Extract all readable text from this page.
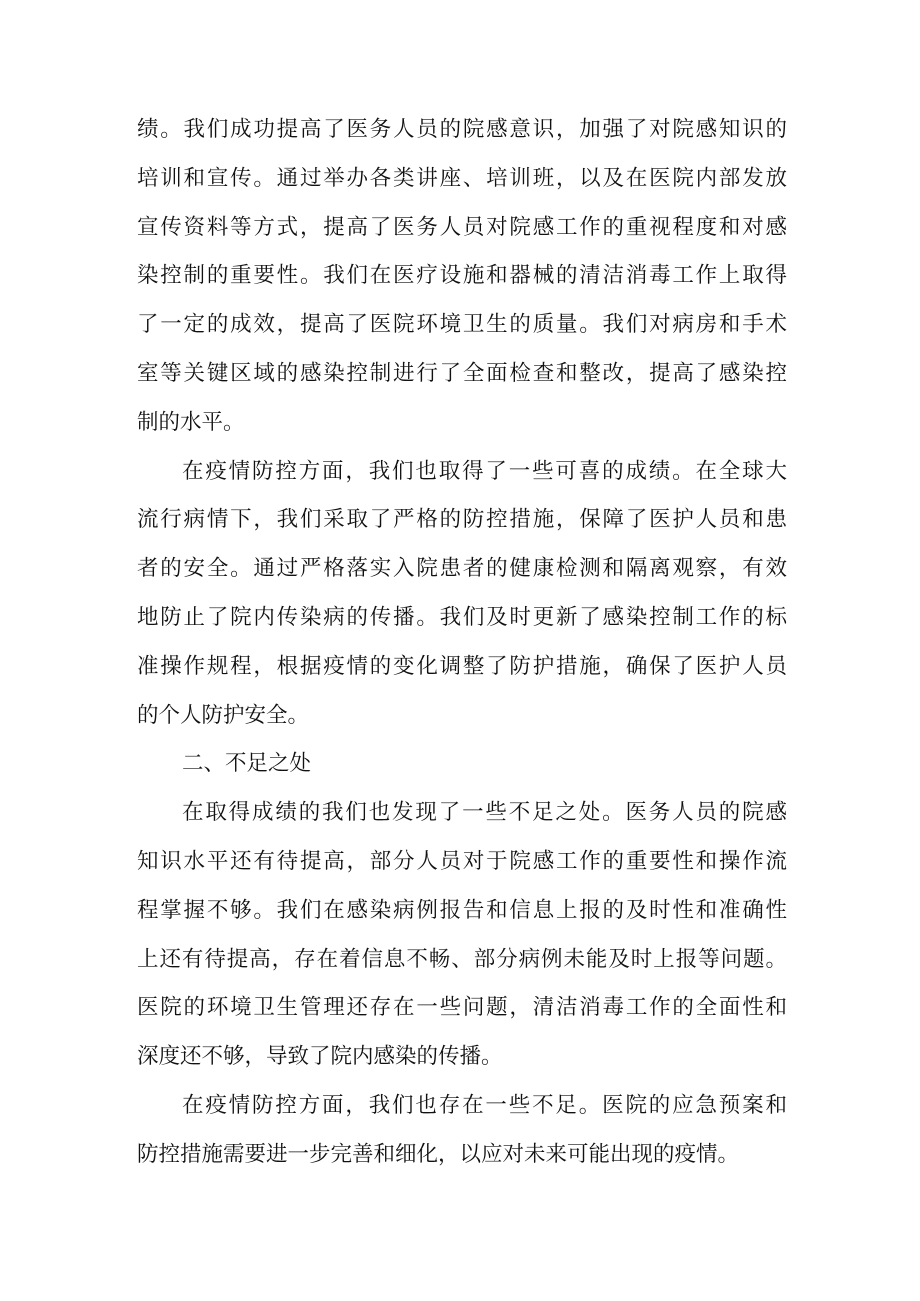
绩。我们成功提高了医务人员的院感意识，加强了对院感知识的
培训和宣传。通过举办各类讲座、培训班，以及在医院内部发放
宣传资料等方式，提高了医务人员对院感工作的重视程度和对感
染控制的重要性。我们在医疗设施和器械的清洁消毒工作上取得
了一定的成效，提高了医院环境卫生的质量。我们对病房和手术
室等关键区域的感染控制进行了全面检查和整改，提高了感染控
制的水平。
在疫情防控方面，我们也取得了一些可喜的成绩。在全球大
流行病情下，我们采取了严格的防控措施，保障了医护人员和患
者的安全。通过严格落实入院患者的健康检测和隔离观察，有效
地防止了院内传染病的传播。我们及时更新了感染控制工作的标
准操作规程，根据疫情的变化调整了防护措施，确保了医护人员
的个人防护安全。
二、不足之处
在取得成绩的我们也发现了一些不足之处。医务人员的院感
知识水平还有待提高，部分人员对于院感工作的重要性和操作流
程掌握不够。我们在感染病例报告和信息上报的及时性和准确性
上还有待提高，存在着信息不畅、部分病例未能及时上报等问题。
医院的环境卫生管理还存在一些问题，清洁消毒工作的全面性和
深度还不够，导致了院内感染的传播。
在疫情防控方面，我们也存在一些不足。医院的应急预案和
防控措施需要进一步完善和细化，以应对未来可能出现的疫情。
